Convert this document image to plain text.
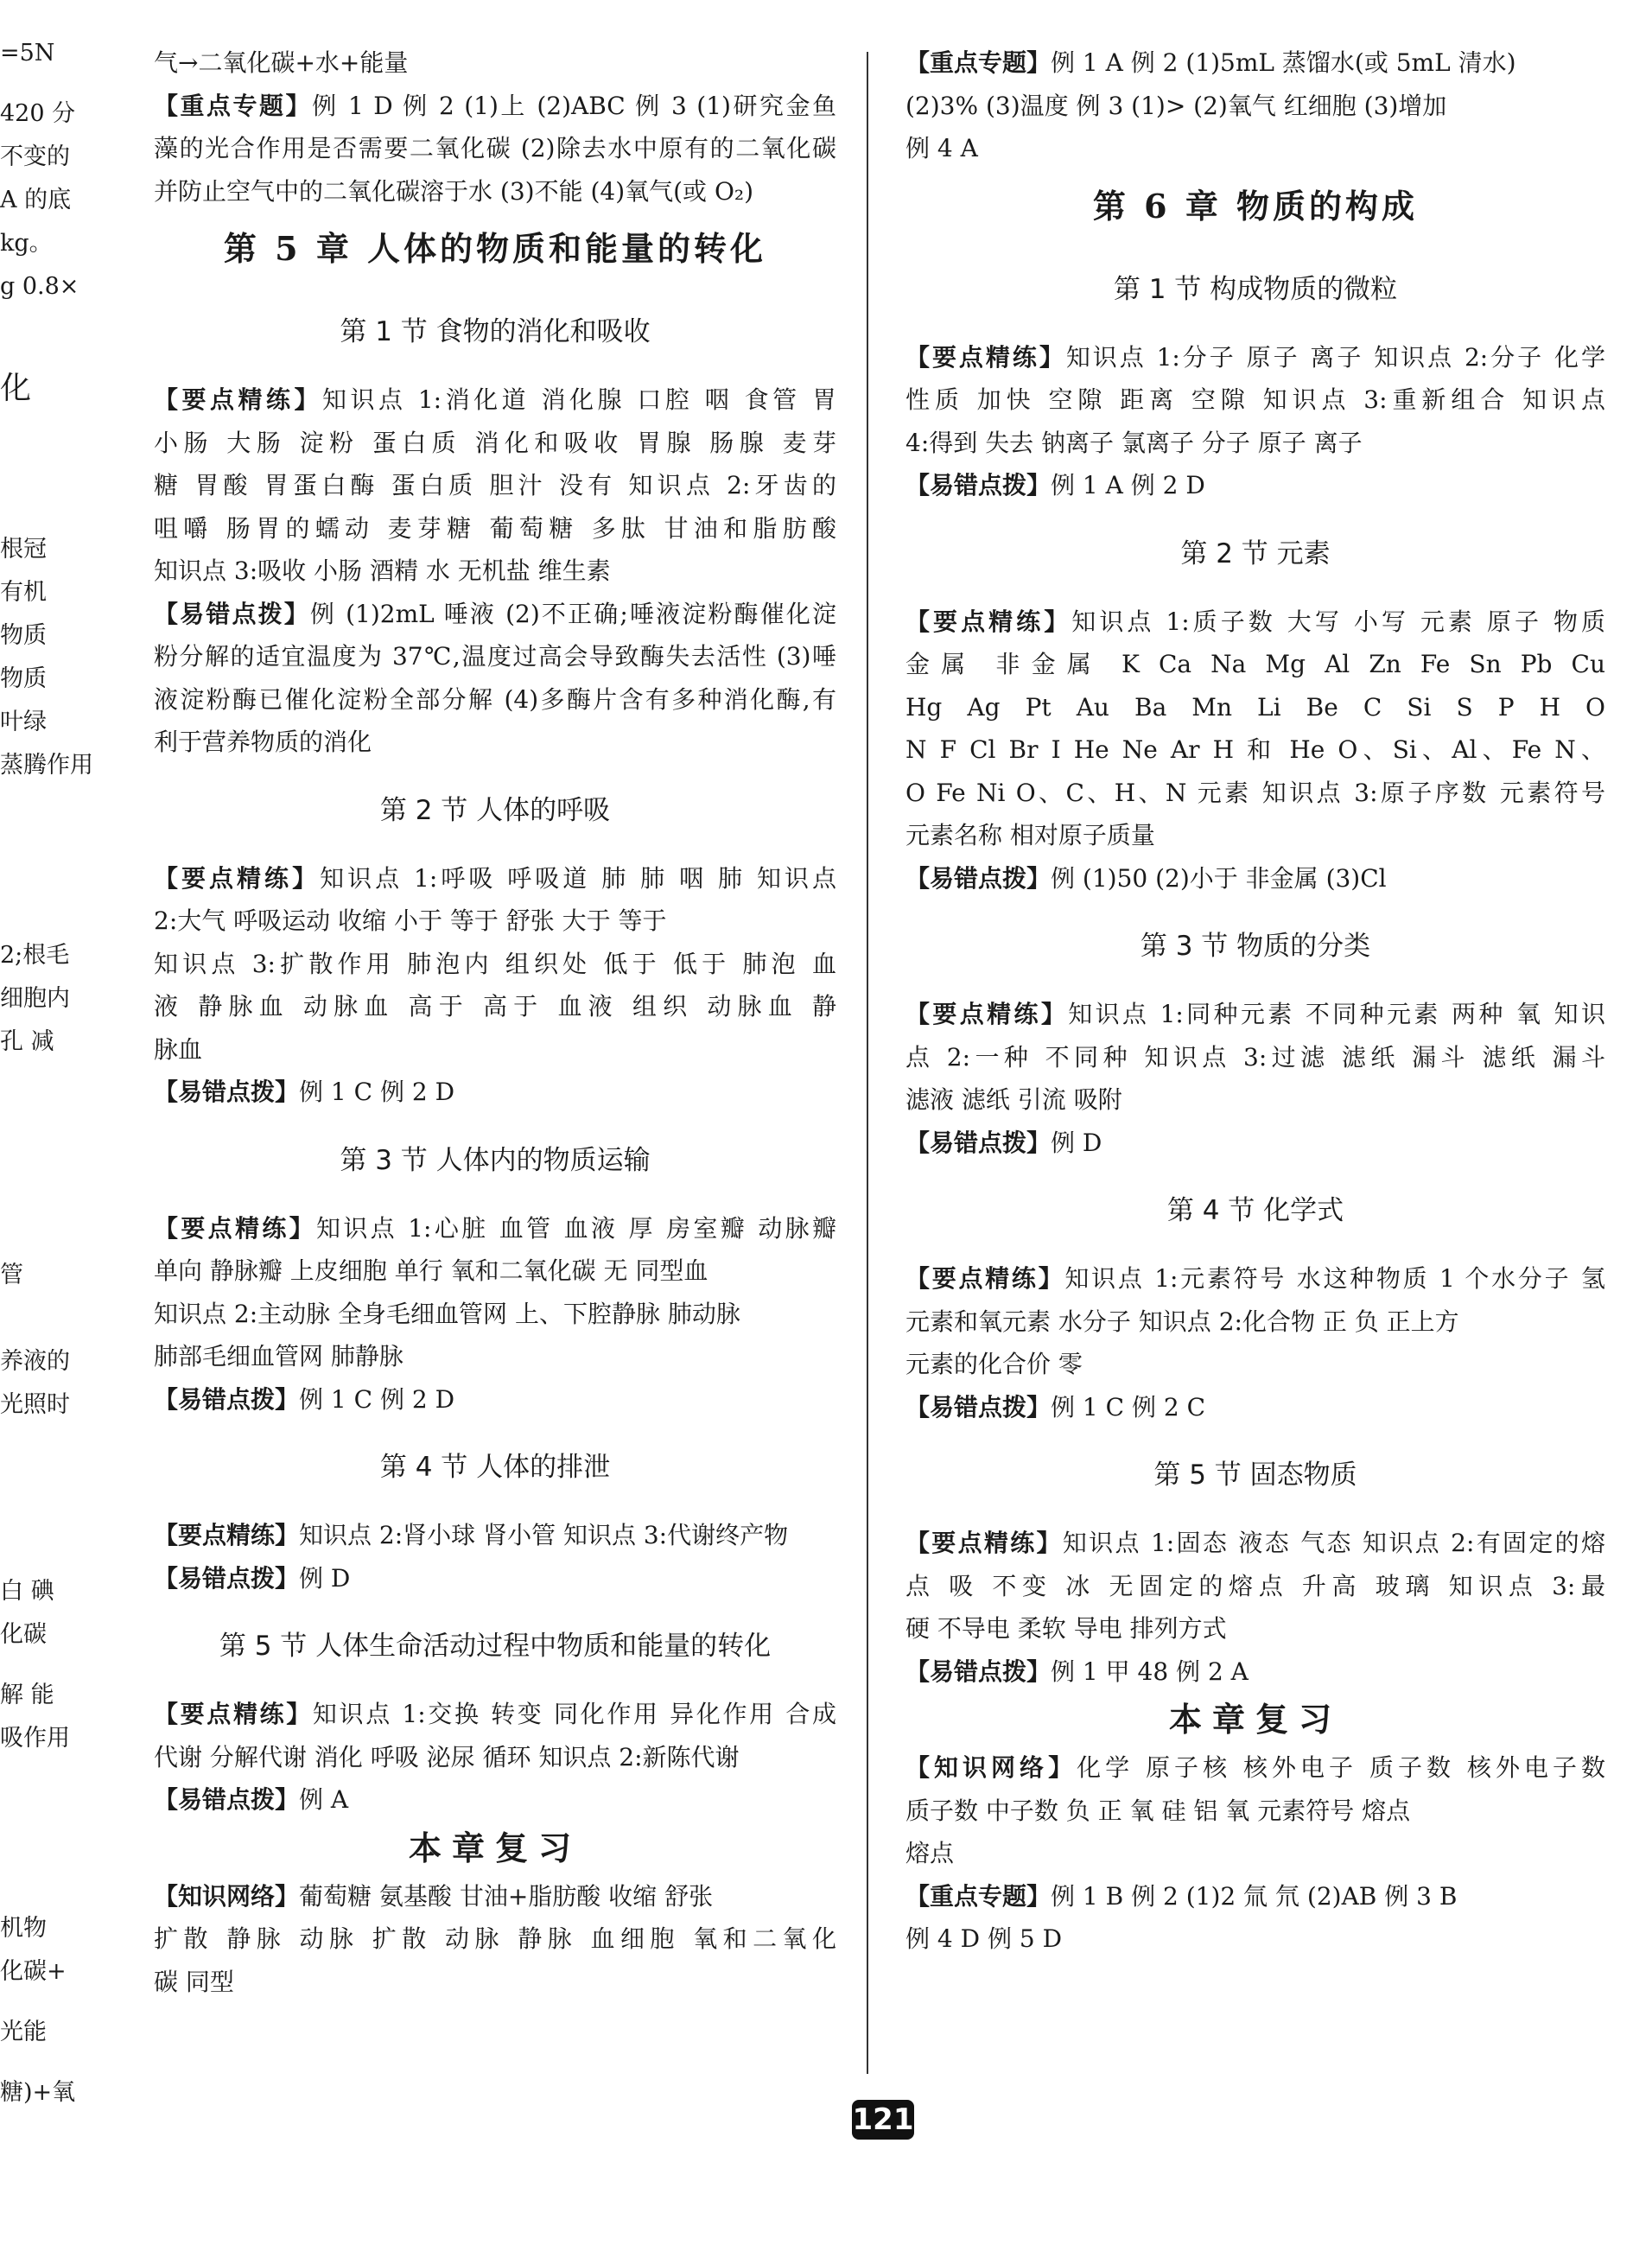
=5N
420 分
不变的
A 的底
kg。
g 0.8×
化
根冠
有机
物质
物质
叶绿
蒸腾作用
2;根毛
细胞内
孔 减
管
养液的
光照时
白 碘
化碳
解 能
吸作用
机物
化碳+
光能
糖)+氧
气→二氧化碳+水+能量
【重点专题】例 1 D 例 2 (1)上 (2)ABC 例 3 (1)研究金鱼
藻的光合作用是否需要二氧化碳 (2)除去水中原有的二氧化碳
并防止空气中的二氧化碳溶于水 (3)不能 (4)氧气(或 O₂)
第 5 章 人体的物质和能量的转化
第 1 节 食物的消化和吸收
【要点精练】知识点 1:消化道 消化腺 口腔 咽 食管 胃
小肠 大肠 淀粉 蛋白质 消化和吸收 胃腺 肠腺 麦芽
糖 胃酸 胃蛋白酶 蛋白质 胆汁 没有 知识点 2:牙齿的
咀嚼 肠胃的蠕动 麦芽糖 葡萄糖 多肽 甘油和脂肪酸
知识点 3:吸收 小肠 酒精 水 无机盐 维生素
【易错点拨】例 (1)2mL 唾液 (2)不正确;唾液淀粉酶催化淀
粉分解的适宜温度为 37℃,温度过高会导致酶失去活性 (3)唾
液淀粉酶已催化淀粉全部分解 (4)多酶片含有多种消化酶,有
利于营养物质的消化
第 2 节 人体的呼吸
【要点精练】知识点 1:呼吸 呼吸道 肺 肺 咽 肺 知识点
2:大气 呼吸运动 收缩 小于 等于 舒张 大于 等于
知识点 3:扩散作用 肺泡内 组织处 低于 低于 肺泡 血
液 静脉血 动脉血 高于 高于 血液 组织 动脉血 静
脉血
【易错点拨】例 1 C 例 2 D
第 3 节 人体内的物质运输
【要点精练】知识点 1:心脏 血管 血液 厚 房室瓣 动脉瓣
单向 静脉瓣 上皮细胞 单行 氧和二氧化碳 无 同型血
知识点 2:主动脉 全身毛细血管网 上、下腔静脉 肺动脉
肺部毛细血管网 肺静脉
【易错点拨】例 1 C 例 2 D
第 4 节 人体的排泄
【要点精练】知识点 2:肾小球 肾小管 知识点 3:代谢终产物
【易错点拨】例 D
第 5 节 人体生命活动过程中物质和能量的转化
【要点精练】知识点 1:交换 转变 同化作用 异化作用 合成
代谢 分解代谢 消化 呼吸 泌尿 循环 知识点 2:新陈代谢
【易错点拨】例 A
本章复习
【知识网络】葡萄糖 氨基酸 甘油+脂肪酸 收缩 舒张
扩散 静脉 动脉 扩散 动脉 静脉 血细胞 氧和二氧化
碳 同型
【重点专题】例 1 A 例 2 (1)5mL 蒸馏水(或 5mL 清水)
(2)3% (3)温度 例 3 (1)> (2)氧气 红细胞 (3)增加
例 4 A
第 6 章 物质的构成
第 1 节 构成物质的微粒
【要点精练】知识点 1:分子 原子 离子 知识点 2:分子 化学
性质 加快 空隙 距离 空隙 知识点 3:重新组合 知识点
4:得到 失去 钠离子 氯离子 分子 原子 离子
【易错点拨】例 1 A 例 2 D
第 2 节 元素
【要点精练】知识点 1:质子数 大写 小写 元素 原子 物质
金属 非金属 K Ca Na Mg Al Zn Fe Sn Pb Cu
Hg Ag Pt Au Ba Mn Li Be C Si S P H O
N F Cl Br I He Ne Ar H 和 He O、Si、Al、Fe N、
O Fe Ni O、C、H、N 元素 知识点 3:原子序数 元素符号
元素名称 相对原子质量
【易错点拨】例 (1)50 (2)小于 非金属 (3)Cl
第 3 节 物质的分类
【要点精练】知识点 1:同种元素 不同种元素 两种 氧 知识
点 2:一种 不同种 知识点 3:过滤 滤纸 漏斗 滤纸 漏斗
滤液 滤纸 引流 吸附
【易错点拨】例 D
第 4 节 化学式
【要点精练】知识点 1:元素符号 水这种物质 1 个水分子 氢
元素和氧元素 水分子 知识点 2:化合物 正 负 正上方
元素的化合价 零
【易错点拨】例 1 C 例 2 C
第 5 节 固态物质
【要点精练】知识点 1:固态 液态 气态 知识点 2:有固定的熔
点 吸 不变 冰 无固定的熔点 升高 玻璃 知识点 3:最
硬 不导电 柔软 导电 排列方式
【易错点拨】例 1 甲 48 例 2 A
本章复习
【知识网络】化学 原子核 核外电子 质子数 核外电子数
质子数 中子数 负 正 氧 硅 铝 氧 元素符号 熔点
熔点
【重点专题】例 1 B 例 2 (1)2 氚 氘 (2)AB 例 3 B
例 4 D 例 5 D
121
